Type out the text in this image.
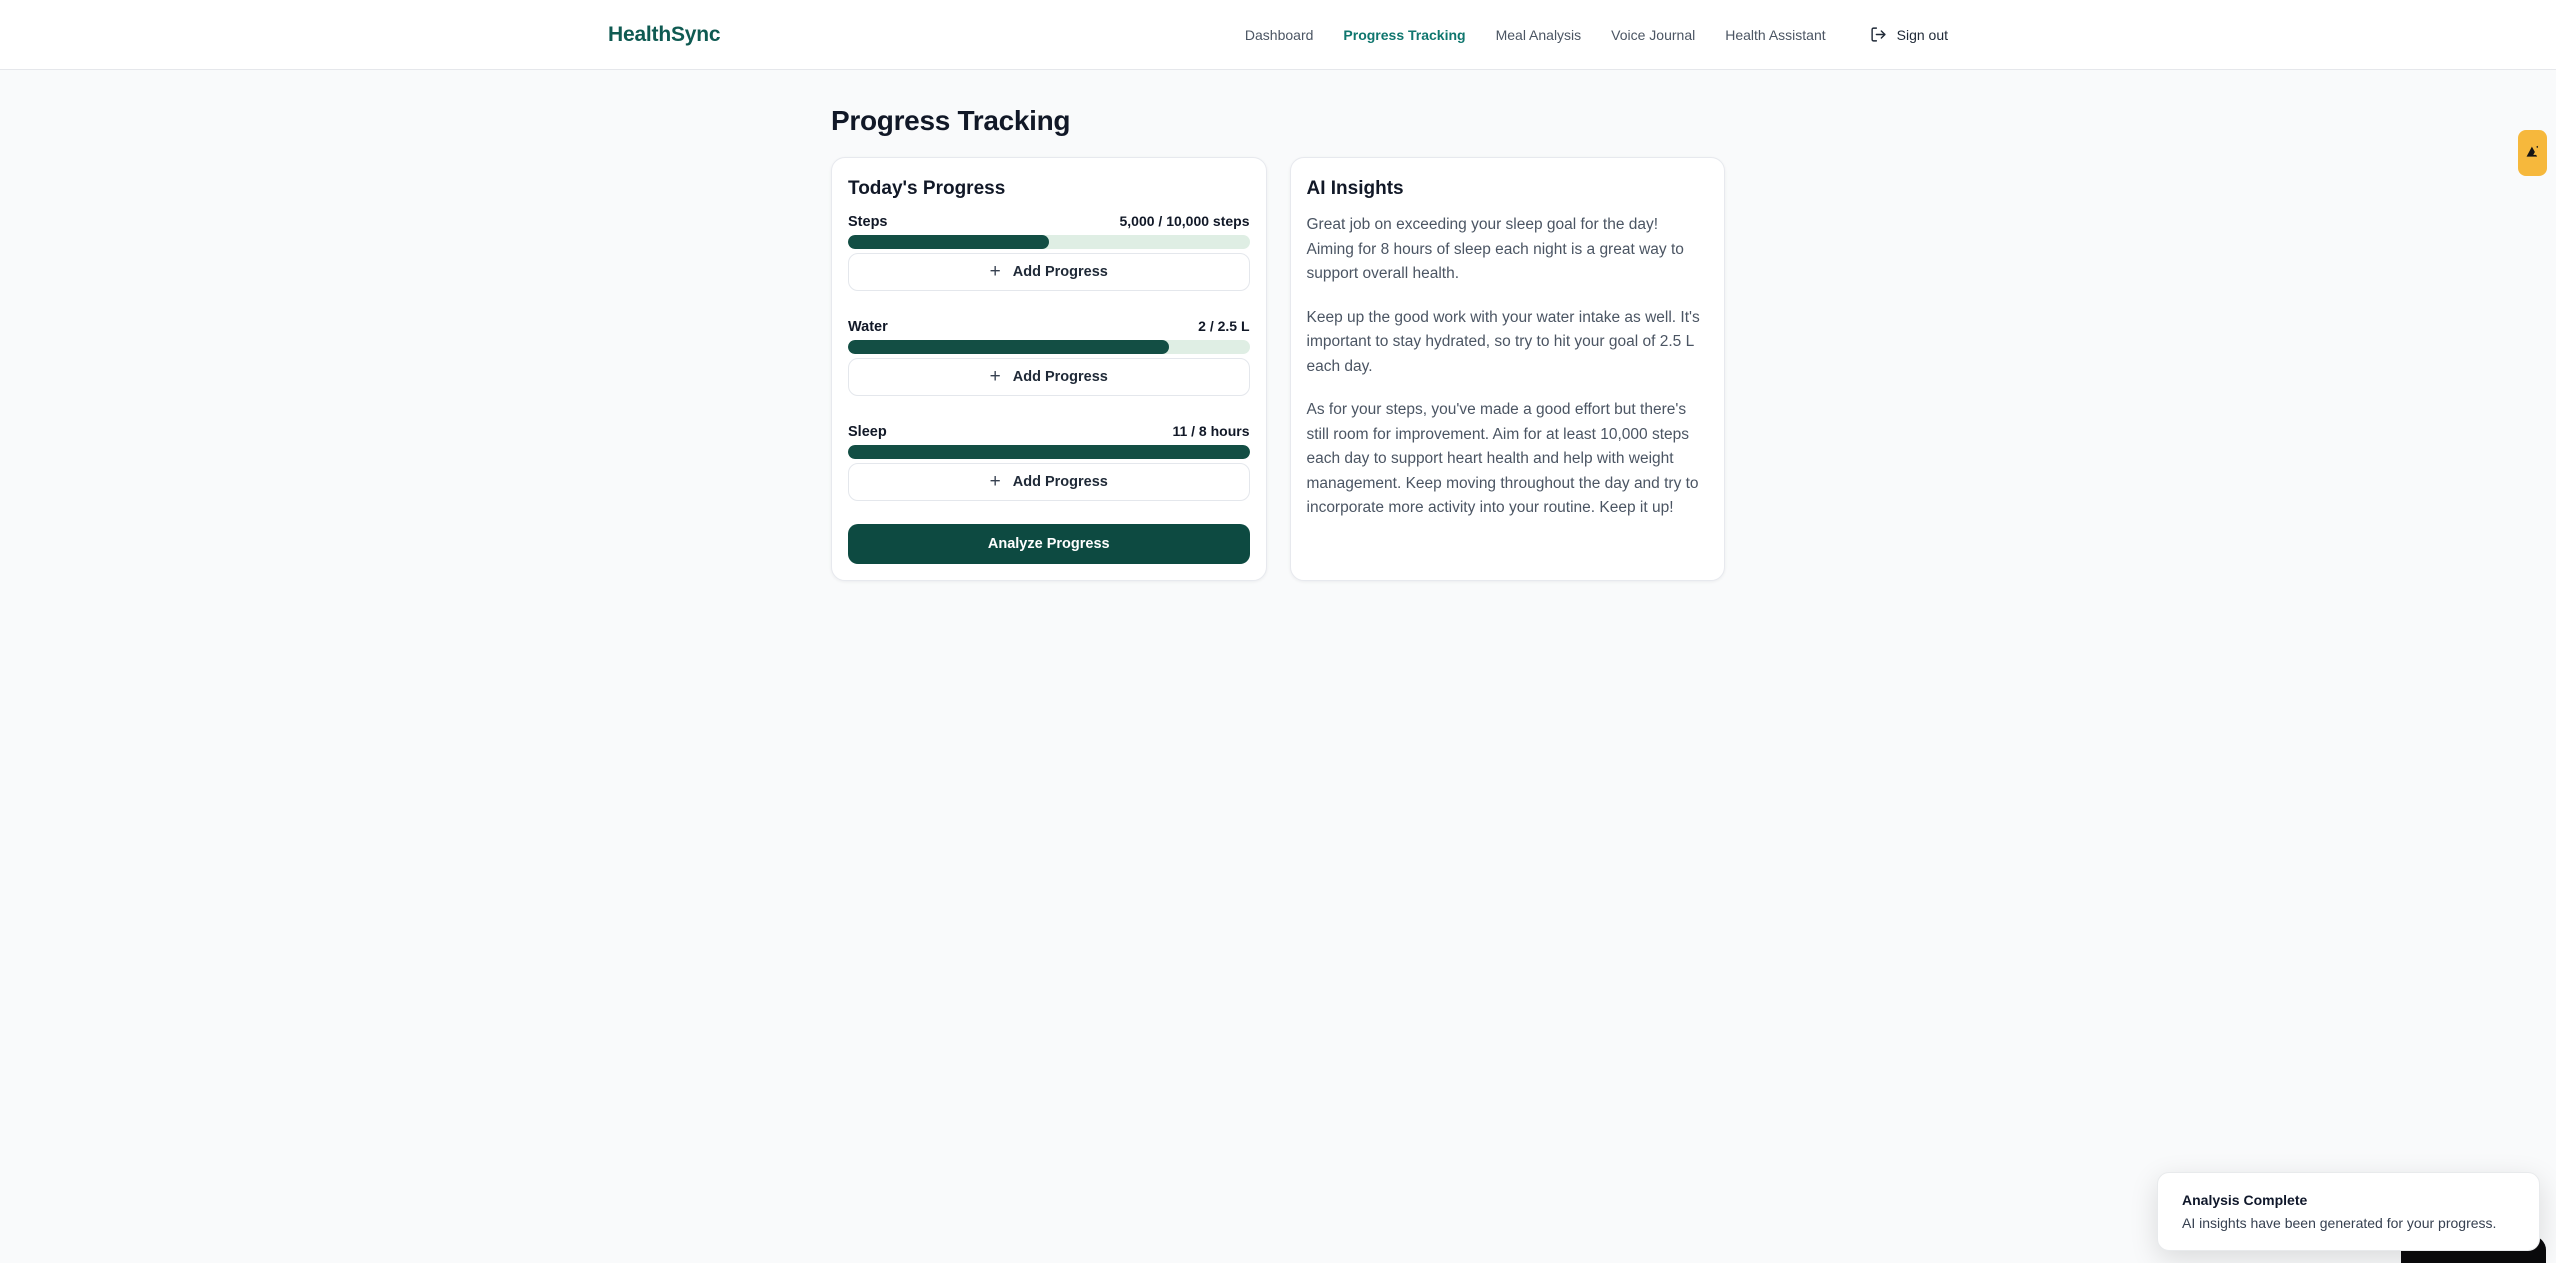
HealthSync	Dashboard Progress Tracking Meal Analysis Voice Journal Health Assistant	Sign out
Progress Tracking
Today's Progress
Steps	5,000 / 10,000 steps
+ Add Progress
Water	2 / 2.5 L
+ Add Progress
Sleep	11 / 8 hours
+ Add Progress
Analyze Progress
AI Insights

Great job on exceeding your sleep goal for the day! Aiming for 8 hours of sleep each night is a great way to support overall health.

Keep up the good work with your water intake as well. It's important to stay hydrated, so try to hit your goal of 2.5 L each day.

As for your steps, you've made a good effort but there's still room for improvement. Aim for at least 10,000 steps each day to support heart health and help with weight management. Keep moving throughout the day and try to incorporate more activity into your routine. Keep it up!

Analysis Complete
AI insights have been generated for your progress.
